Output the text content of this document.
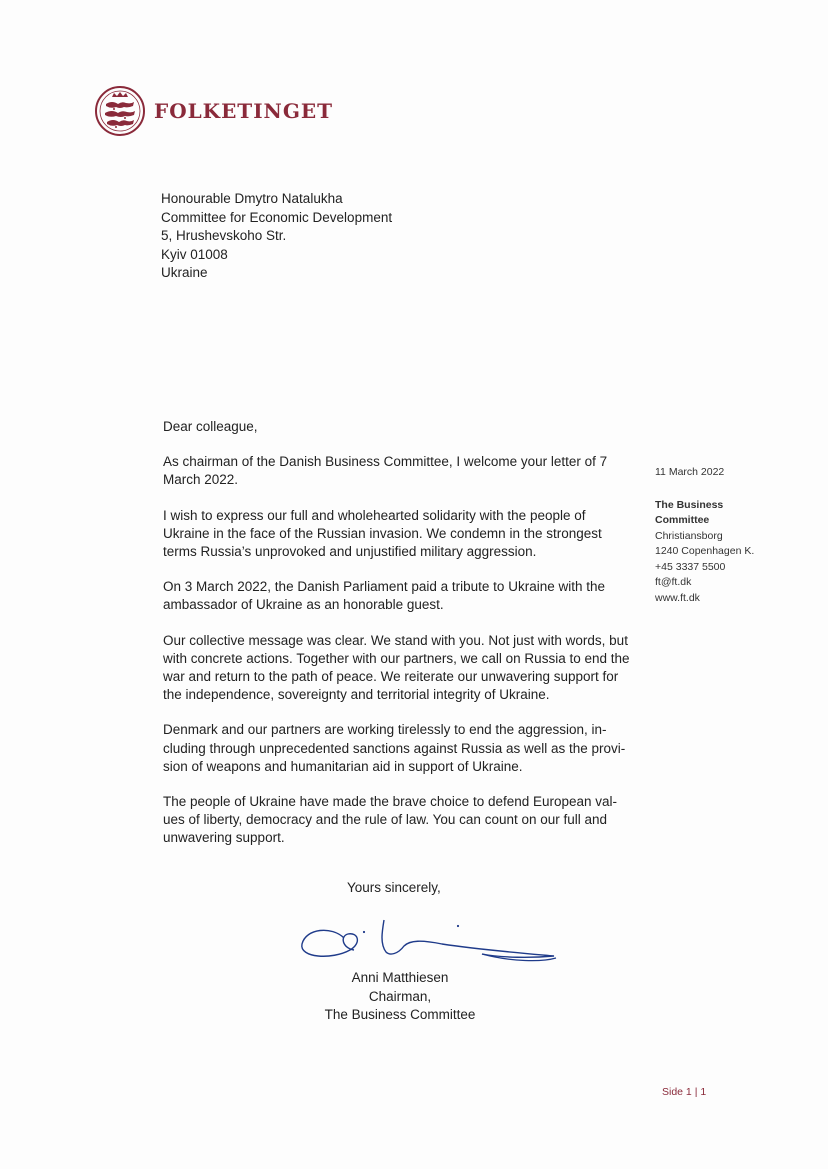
FOLKETINGET
Honourable Dmytro Natalukha
Committee for Economic Development
5, Hrushevskoho Str.
Kyiv 01008
Ukraine

Dear colleague,

As chairman of the Danish Business Committee, I welcome your letter of 7 March 2022.

I wish to express our full and wholehearted solidarity with the people of Ukraine in the face of the Russian invasion. We condemn in the strongest terms Russia’s unprovoked and unjustified military aggression.

On 3 March 2022, the Danish Parliament paid a tribute to Ukraine with the ambassador of Ukraine as an honorable guest.

Our collective message was clear. We stand with you. Not just with words, but with concrete actions. Together with our partners, we call on Russia to end the war and return to the path of peace. We reiterate our unwavering support for the independence, sovereignty and territorial integrity of Ukraine.

Denmark and our partners are working tirelessly to end the aggression, in-cluding through unprecedented sanctions against Russia as well as the provi-sion of weapons and humanitarian aid in support of Ukraine.

The people of Ukraine have made the brave choice to defend European val-ues of liberty, democracy and the rule of law. You can count on our full and unwavering support.

11 March 2022
The Business
Committee
Christiansborg
1240 Copenhagen K.
+45 3337 5500
ft@ft.dk
www.ft.dk
Yours sincerely,
Anni Matthiesen
Chairman,
The Business Committee
Side 1 | 1
